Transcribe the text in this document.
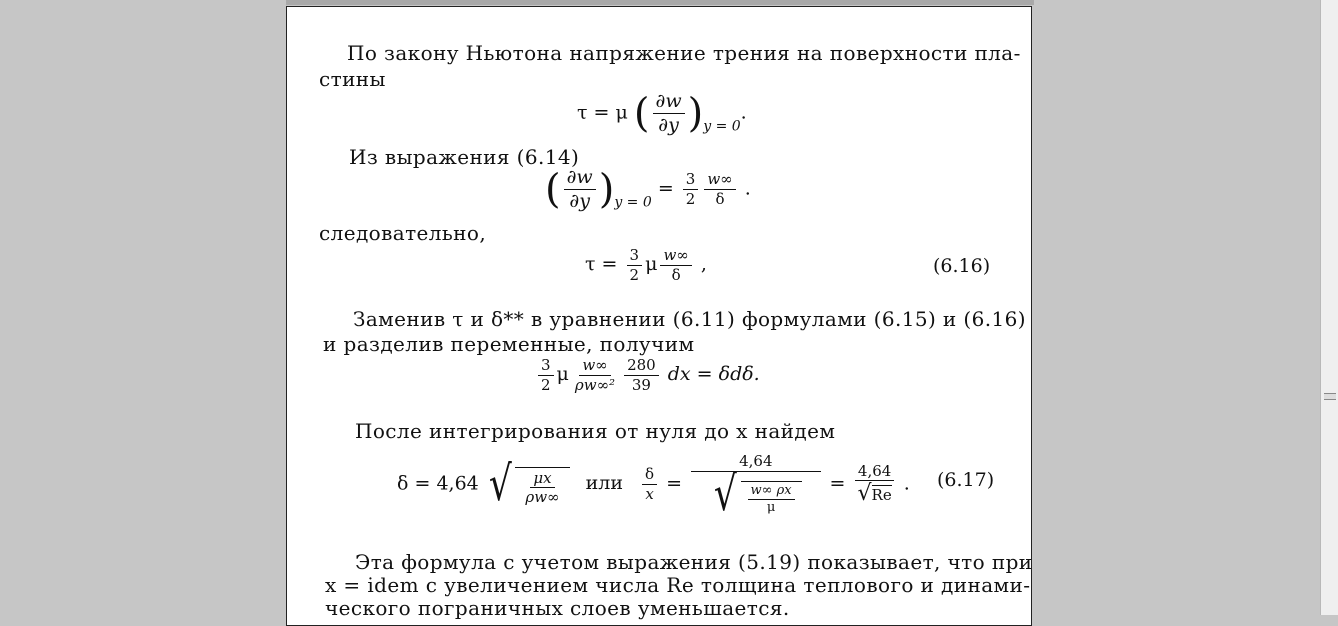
По закону Ньютона напряжение трения на поверхности пла-
стины
τ = μ ( $\frac{\partial w}{\partial y} )_{y = 0}$.
Из выражения (6.14)
( $\frac{\partial w}{\partial y} )_{y = 0} = \frac{3}{2} \frac{w\infty}{\delta}$ .
следовательно,
$\tau = \frac{3}{2}$ μ $\frac{w\infty}{\delta}$ ,	(6.16)
Заменив τ и δ** в уравнении (6.11) формулами (6.15) и (6.16)
и разделив переменные, получим
$\frac{3}{2}$ μ $\frac{w\infty}{\text{ρw∞²}} \frac{280}{39}$ dx = δdδ.
После интегрирования от нуля до x найдем
δ = 4,64 √ $\frac{\mu x}{\rho w\infty}$ или $\frac{\delta}{x} = \frac{4,64}{√ \frac{w\infty \rho x}{\mu}} = \frac{4,64}{√Re}$ . (6.17)
Эта формула с учетом выражения (5.19) показывает, что при
x = idem с увеличением числа Re толщина теплового и динами-
ческого пограничных слоев уменьшается.
